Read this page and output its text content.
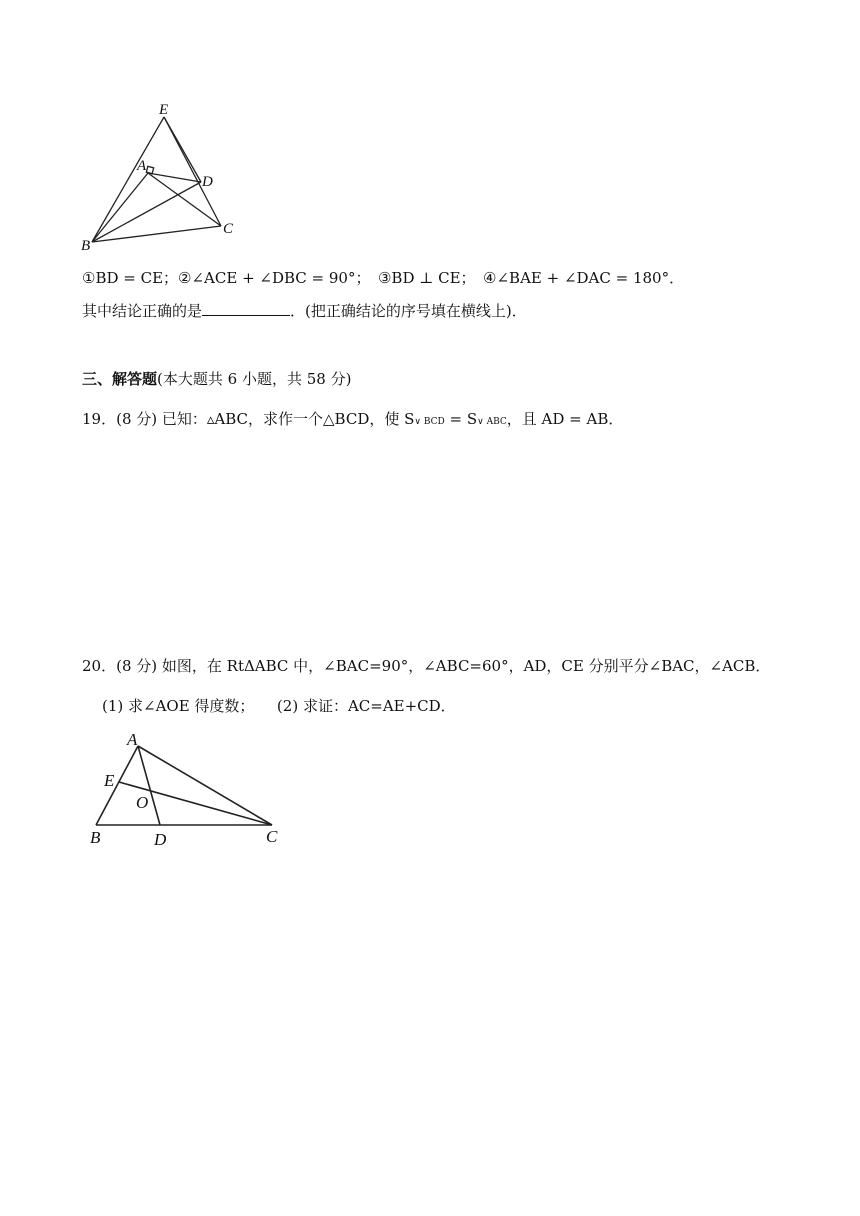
E
A
D
B
C
①BD = CE；②∠ACE + ∠DBC = 90°；　③BD ⊥ CE；　④∠BAE + ∠DAC = 180°．
其中结论正确的是	．(把正确结论的序号填在横线上)．
三、解答题(本大题共 6 小题，共 58 分)
19．(8 分) 已知：▵ABC，求作一个△BCD，使 S∨ BCD = S∨ ABC，且 AD = AB．
20．(8 分) 如图，在 RtΔABC 中，∠BAC=90°，∠ABC=60°，AD，CE 分别平分∠BAC，∠ACB．
(1) 求∠AOE 得度数；　　(2) 求证：AC=AE+CD．
A
E
O
B	D	C
